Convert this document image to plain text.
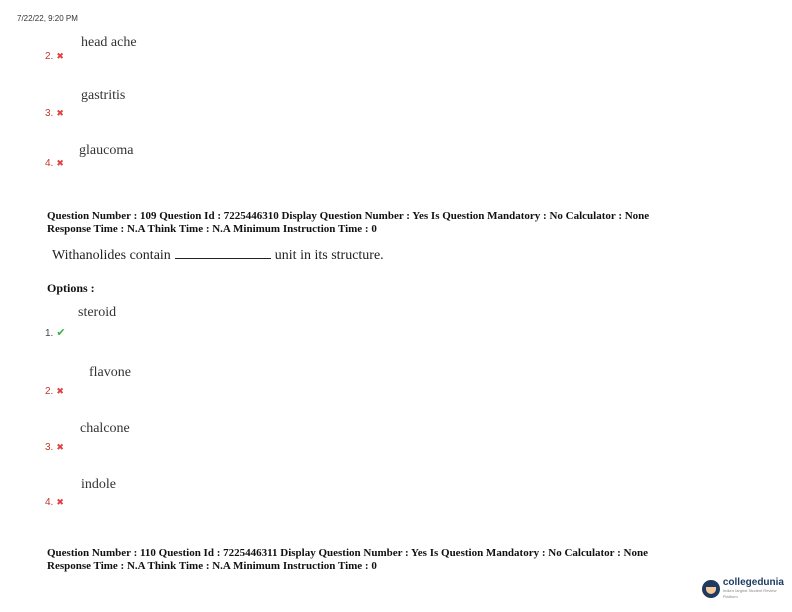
7/22/22, 9:20 PM
head ache
2. ✖
gastritis
3. ✖
glaucoma
4. ✖
Question Number : 109 Question Id : 7225446310 Display Question Number : Yes Is Question Mandatory : No Calculator : None
Response Time : N.A Think Time : N.A Minimum Instruction Time : 0
Withanolides contain	unit in its structure.
Options :
steroid
1. ✔
flavone
2. ✖
chalcone
3. ✖
indole
4. ✖
Question Number : 110 Question Id : 7225446311 Display Question Number : Yes Is Question Mandatory : No Calculator : None
Response Time : N.A Think Time : N.A Minimum Instruction Time : 0
collegedunia
India's largest Student Review Platform
